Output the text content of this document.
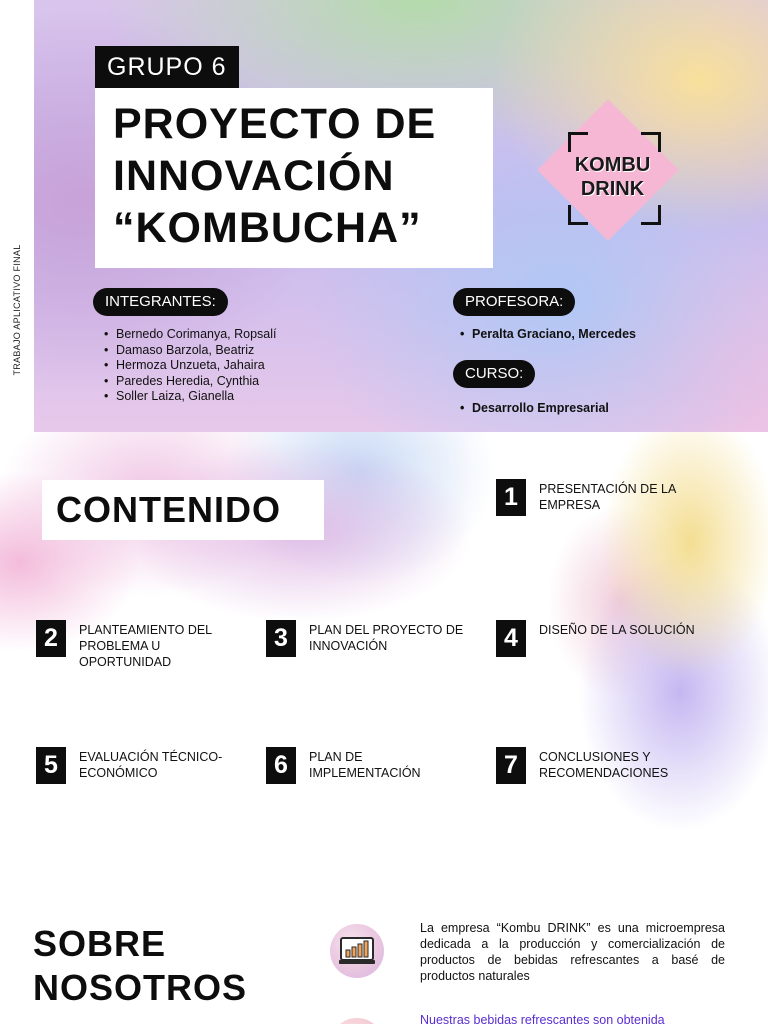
TRABAJO APLICATIVO FINAL
GRUPO 6
PROYECTO DE
INNOVACIÓN
“KOMBUCHA”
KOMBU
DRINK
INTEGRANTES:
• Bernedo Corimanya, Ropsalí
• Damaso Barzola, Beatriz
• Hermoza Unzueta, Jahaira
• Paredes Heredia, Cynthia
• Soller Laiza, Gianella
PROFESORA:
• Peralta Graciano, Mercedes
CURSO:
• Desarrollo Empresarial
CONTENIDO	1	PRESENTACIÓN DE LA EMPRESA
2	PLANTEAMIENTO DEL PROBLEMA U OPORTUNIDAD
3	PLAN DEL PROYECTO DE INNOVACIÓN	4	DISEÑO DE LA SOLUCIÓN
5	EVALUACIÓN TÉCNICO-ECONÓMICO	6	PLAN DE IMPLEMENTACIÓN	7	CONCLUSIONES Y RECOMENDACIONES
SOBRE
NOSOTROS

La empresa “Kombu DRINK” es una microempresa dedicada a la producción y comercialización de productos de bebidas refrescantes a basé de productos naturales

Nuestras bebidas refrescantes son obtenida
